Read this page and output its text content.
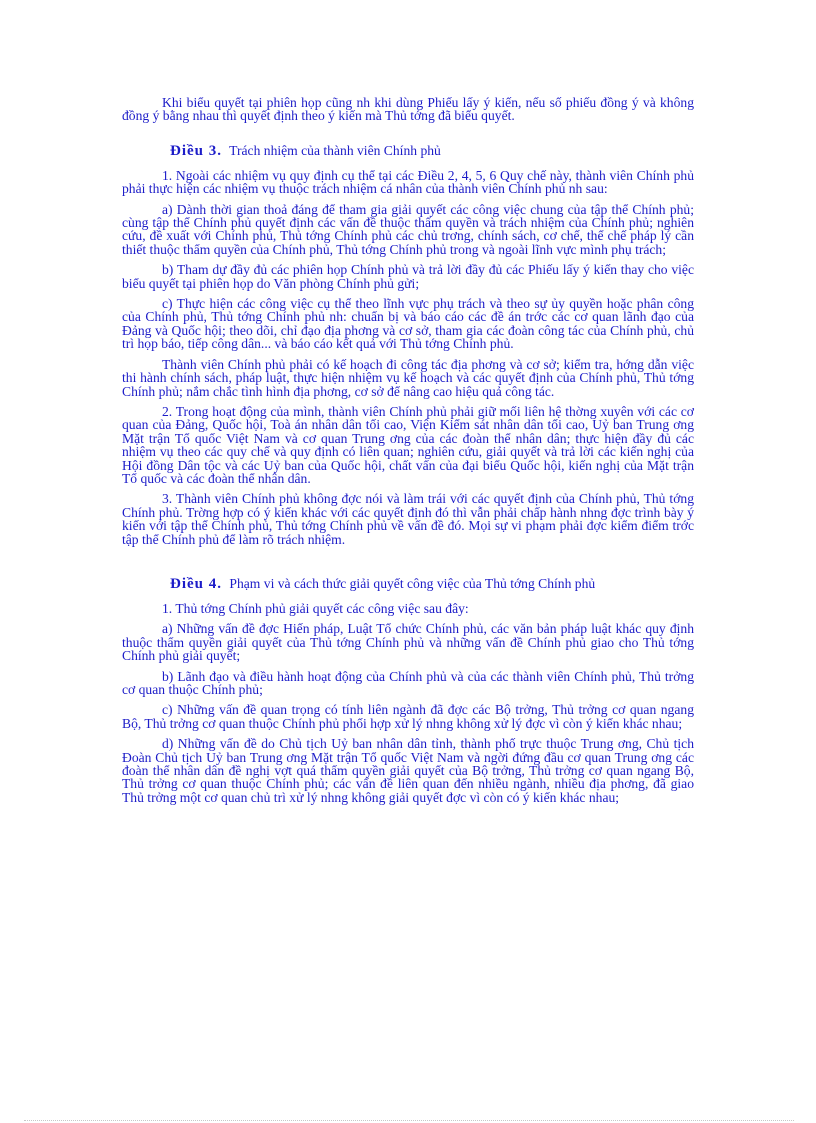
Khi biểu quyết tại phiên họp cũng nh khi dùng Phiếu lấy ý kiến, nếu số phiếu đồng ý và không đồng ý bằng nhau thì quyết định theo ý kiến mà Thủ tớng đã biểu quyết.

Điều 3. Trách nhiệm của thành viên Chính phủ

1. Ngoài các nhiệm vụ quy định cụ thể tại các Điều 2, 4, 5, 6 Quy chế này, thành viên Chính phủ phải thực hiện các nhiệm vụ thuộc trách nhiệm cá nhân của thành viên Chính phủ nh sau:

a) Dành thời gian thoả đáng để tham gia giải quyết các công việc chung của tập thể Chính phủ; cùng tập thể Chính phủ quyết định các vấn đề thuộc thẩm quyền và trách nhiệm của Chính phủ; nghiên cứu, đề xuất với Chính phủ, Thủ tớng Chính phủ các chủ trơng, chính sách, cơ chế, thể chế pháp lý cần thiết thuộc thẩm quyền của Chính phủ, Thủ tớng Chính phủ trong và ngoài lĩnh vực mình phụ trách;

b) Tham dự đầy đủ các phiên họp Chính phủ và trả lời đầy đủ các Phiếu lấy ý kiến thay cho việc biểu quyết tại phiên họp do Văn phòng Chính phủ gửi;

c) Thực hiện các công việc cụ thể theo lĩnh vực phụ trách và theo sự ủy quyền hoặc phân công của Chính phủ, Thủ tớng Chính phủ nh: chuẩn bị và báo cáo các đề án trớc các cơ quan lãnh đạo của Đảng và Quốc hội; theo dõi, chỉ đạo địa phơng và cơ sở, tham gia các đoàn công tác của Chính phủ, chủ trì họp báo, tiếp công dân... và báo cáo kết quả với Thủ tớng Chính phủ.

Thành viên Chính phủ phải có kế hoạch đi công tác địa phơng và cơ sở; kiểm tra, hớng dẫn việc thi hành chính sách, pháp luật, thực hiện nhiệm vụ kế hoạch và các quyết định của Chính phủ, Thủ tớng Chính phủ; nắm chắc tình hình địa phơng, cơ sở để nâng cao hiệu quả công tác.

2. Trong hoạt động của mình, thành viên Chính phủ phải giữ mối liên hệ thờng xuyên với các cơ quan của Đảng, Quốc hội, Toà án nhân dân tối cao, Viện Kiểm sát nhân dân tối cao, Uỷ ban Trung ơng Mặt trận Tổ quốc Việt Nam và cơ quan Trung ơng của các đoàn thể nhân dân; thực hiện đầy đủ các nhiệm vụ theo các quy chế và quy định có liên quan; nghiên cứu, giải quyết và trả lời các kiến nghị của Hội đồng Dân tộc và các Uỷ ban của Quốc hội, chất vấn của đại biểu Quốc hội, kiến nghị của Mặt trận Tổ quốc và các đoàn thể nhân dân.

3. Thành viên Chính phủ không đợc nói và làm trái với các quyết định của Chính phủ, Thủ tớng Chính phủ. Trờng hợp có ý kiến khác với các quyết định đó thì vẫn phải chấp hành nhng đợc trình bày ý kiến với tập thể Chính phủ, Thủ tớng Chính phủ về vấn đề đó. Mọi sự vi phạm phải đợc kiểm điểm trớc tập thể Chính phủ để làm rõ trách nhiệm.

Điều 4. Phạm vi và cách thức giải quyết công việc của Thủ tớng Chính phủ

1. Thủ tớng Chính phủ giải quyết các công việc sau đây:

a) Những vấn đề đợc Hiến pháp, Luật Tổ chức Chính phủ, các văn bản pháp luật khác quy định thuộc thẩm quyền giải quyết của Thủ tớng Chính phủ và những vấn đề Chính phủ giao cho Thủ tớng Chính phủ giải quyết;

b) Lãnh đạo và điều hành hoạt động của Chính phủ và của các thành viên Chính phủ, Thủ trởng cơ quan thuộc Chính phủ;

c) Những vấn đề quan trọng có tính liên ngành đã đợc các Bộ trởng, Thủ trởng cơ quan ngang Bộ, Thủ trởng cơ quan thuộc Chính phủ phối hợp xử lý nhng không xử lý đợc vì còn ý kiến khác nhau;

d) Những vấn đề do Chủ tịch Uỷ ban nhân dân tỉnh, thành phố trực thuộc Trung ơng, Chủ tịch Đoàn Chủ tịch Uỷ ban Trung ơng Mặt trận Tổ quốc Việt Nam và ngời đứng đầu cơ quan Trung ơng các đoàn thể nhân dân đề nghị vợt quá thẩm quyền giải quyết của Bộ trởng, Thủ trởng cơ quan ngang Bộ, Thủ trởng cơ quan thuộc Chính phủ; các vấn đề liên quan đến nhiều ngành, nhiều địa phơng, đã giao Thủ trởng một cơ quan chủ trì xử lý nhng không giải quyết đợc vì còn có ý kiến khác nhau;
